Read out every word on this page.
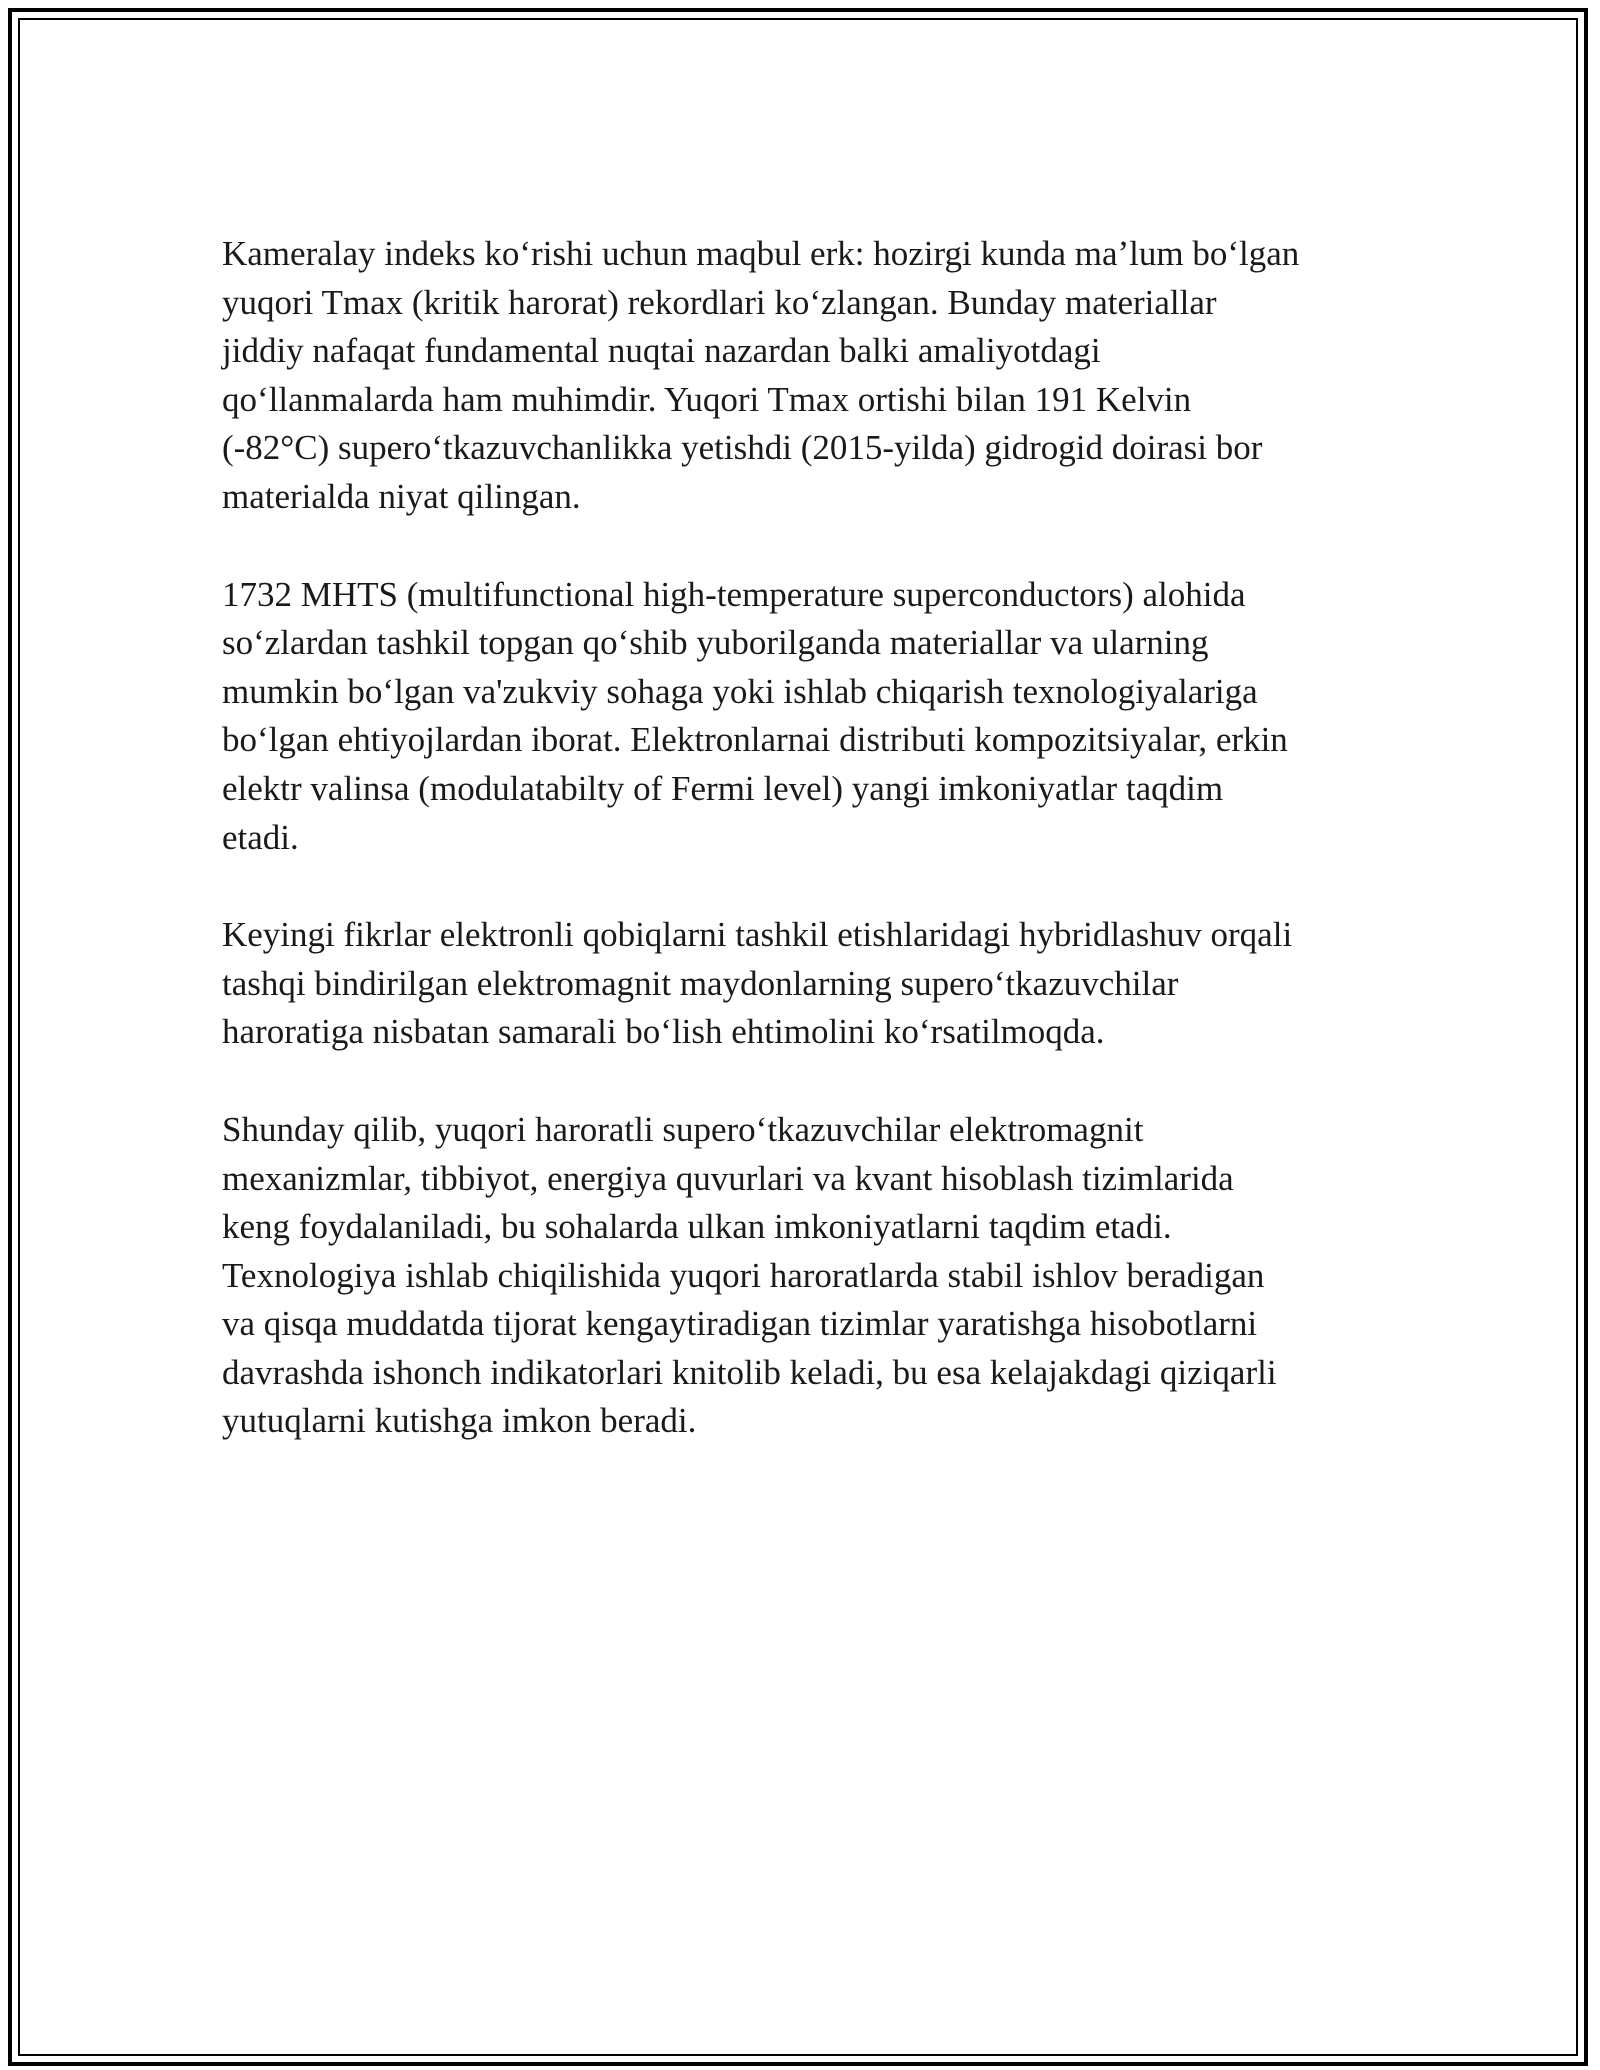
Kameralay indeks koʻrishi uchun maqbul erk: hozirgi kunda maʼlum boʻlgan
yuqori Tmax (kritik harorat) rekordlari koʻzlangan. Bunday materiallar
jiddiy nafaqat fundamental nuqtai nazardan balki amaliyotdagi
qoʻllanmalarda ham muhimdir. Yuqori Tmax ortishi bilan 191 Kelvin
(-82°C) superoʻtkazuvchanlikka yetishdi (2015-yilda) gidrogid doirasi bor
materialda niyat qilingan.

1732 MHTS (multifunctional high-temperature superconductors) alohida
soʻzlardan tashkil topgan qoʻshib yuborilganda materiallar va ularning
mumkin boʻlgan va'zukviy sohaga yoki ishlab chiqarish texnologiyalariga
boʻlgan ehtiyojlardan iborat. Elektronlarnai distributi kompozitsiyalar, erkin
elektr valinsa (modulatabilty of Fermi level) yangi imkoniyatlar taqdim
etadi.

Keyingi fikrlar elektronli qobiqlarni tashkil etishlaridagi hybridlashuv orqali
tashqi bindirilgan elektromagnit maydonlarning superoʻtkazuvchilar
haroratiga nisbatan samarali boʻlish ehtimolini koʻrsatilmoqda.

Shunday qilib, yuqori haroratli superoʻtkazuvchilar elektromagnit
mexanizmlar, tibbiyot, energiya quvurlari va kvant hisoblash tizimlarida
keng foydalaniladi, bu sohalarda ulkan imkoniyatlarni taqdim etadi.
Texnologiya ishlab chiqilishida yuqori haroratlarda stabil ishlov beradigan
va qisqa muddatda tijorat kengaytiradigan tizimlar yaratishga hisobotlarni
davrashda ishonch indikatorlari knitolib keladi, bu esa kelajakdagi qiziqarli
yutuqlarni kutishga imkon beradi.
